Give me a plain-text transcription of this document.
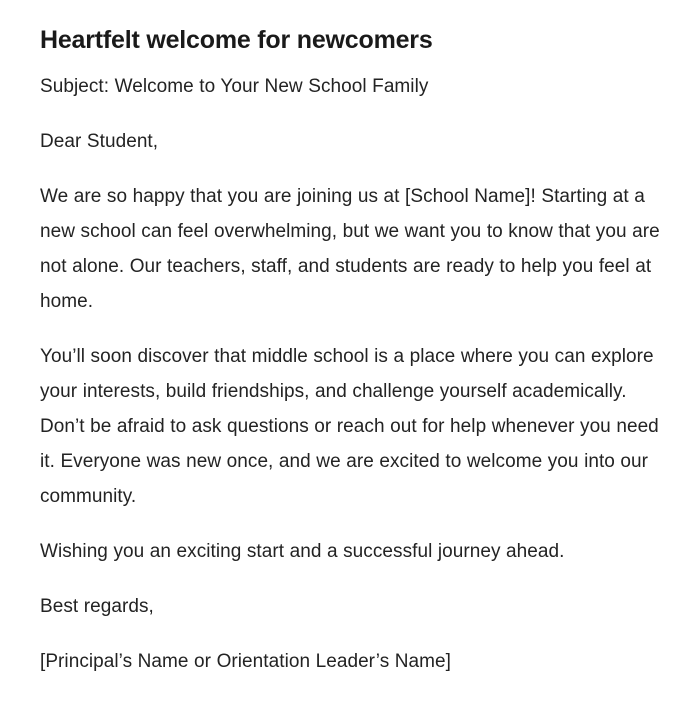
Heartfelt welcome for newcomers

Subject: Welcome to Your New School Family

Dear Student,

We are so happy that you are joining us at [School Name]! Starting at a new school can feel overwhelming, but we want you to know that you are not alone. Our teachers, staff, and students are ready to help you feel at home.

You’ll soon discover that middle school is a place where you can explore your interests, build friendships, and challenge yourself academically. Don’t be afraid to ask questions or reach out for help whenever you need it. Everyone was new once, and we are excited to welcome you into our community.

Wishing you an exciting start and a successful journey ahead.

Best regards,

[Principal’s Name or Orientation Leader’s Name]
